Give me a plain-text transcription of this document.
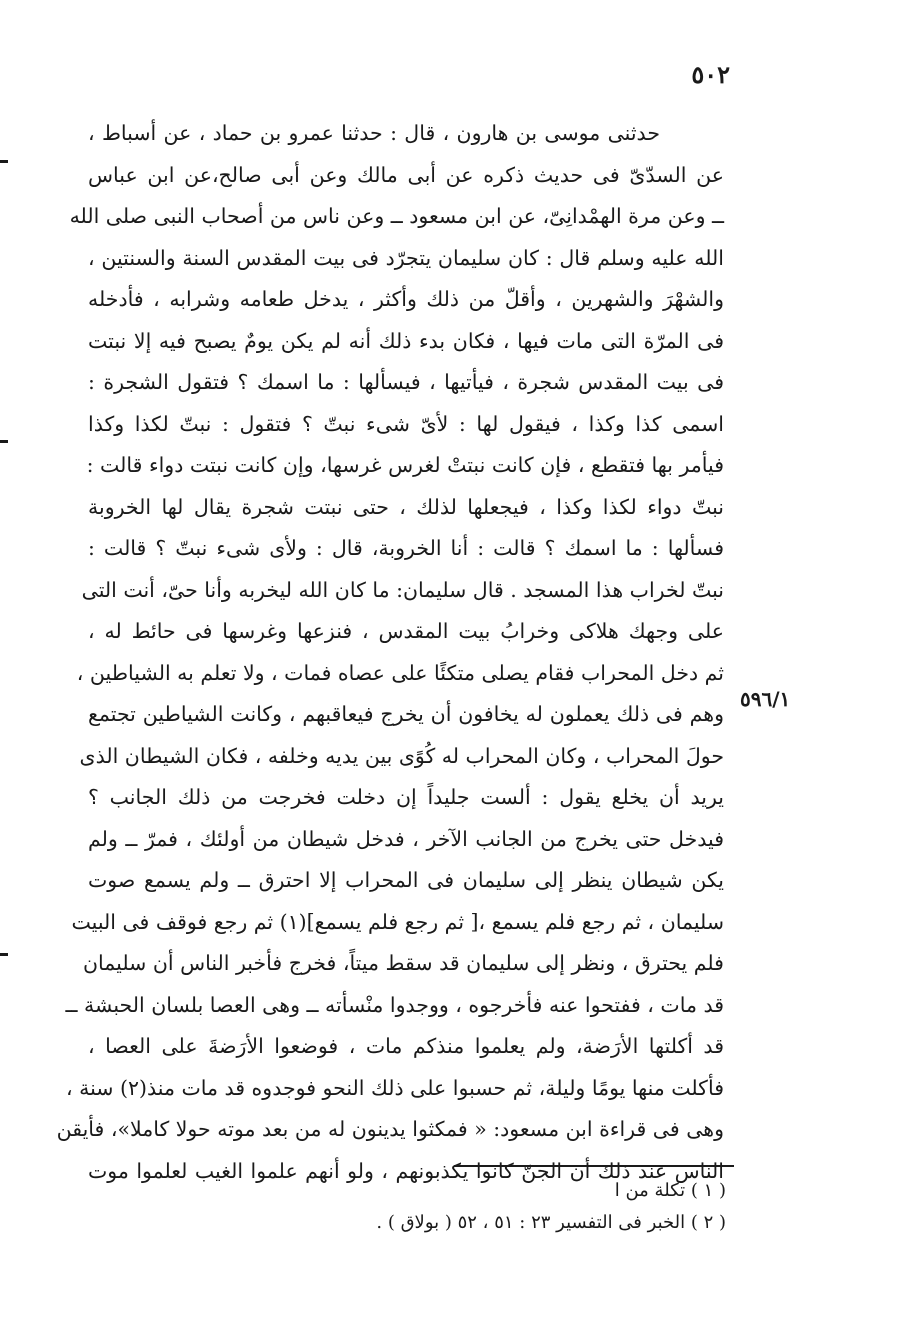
٥٠٢
حدثنى موسى بن هارون ، قال : حدثنا عمرو بن حماد ، عن أسباط ،
عن السدّىّ فى حديث ذكره عن أبى مالك وعن أبى صالح،عن ابن عباس
ــ وعن مرة الهمْدانِىّ، عن ابن مسعود ــ وعن ناس من أصحاب النبى صلى الله
الله عليه وسلم قال : كان سليمان يتجرّد فى بيت المقدس السنة والسنتين ،
والشهْرَ والشهرين ، وأقلّ من ذلك وأكثر ، يدخل طعامه وشرابه ، فأدخله
فى المرّة التى مات فيها ، فكان بدء ذلك أنه لم يكن يومٌ يصبح فيه إلا نبتت
فى بيت المقدس شجرة ، فيأتيها ، فيسألها : ما اسمك ؟ فتقول الشجرة :
اسمى كذا وكذا ، فيقول لها : لأىّ شىء نبتّ ؟ فتقول : نبتّ لكذا وكذا
فيأمر بها فتقطع ، فإن كانت نبتتْ لغرس غرسها، وإن كانت نبتت دواء قالت :
نبتّ دواء لكذا وكذا ، فيجعلها لذلك ، حتى نبتت شجرة يقال لها الخروبة
فسألها : ما اسمك ؟ قالت : أنا الخروبة، قال : ولأى شىء نبتّ ؟ قالت :
نبتّ لخراب هذا المسجد . قال سليمان: ما كان الله ليخربه وأنا حىّ، أنت التى
على وجهك هلاكى وخرابُ بيت المقدس ، فنزعها وغرسها فى حائط له ،
ثم دخل المحراب فقام يصلى متكئًا على عصاه فمات ، ولا تعلم به الشياطين ،
وهم فى ذلك يعملون له يخافون أن يخرج فيعاقبهم ، وكانت الشياطين تجتمع
حولَ المحراب ، وكان المحراب له كُوًى بين يديه وخلفه ، فكان الشيطان الذى
يريد أن يخلع يقول : ألست جليداً إن دخلت فخرجت من ذلك الجانب ؟
فيدخل حتى يخرج من الجانب الآخر ، فدخل شيطان من أولئك ، فمرّ ــ ولم
يكن شيطان ينظر إلى سليمان فى المحراب إلا احترق ــ ولم يسمع صوت
سليمان ، ثم رجع فلم يسمع ،[ ثم رجع فلم يسمع](١) ثم رجع فوقف فى البيت
فلم يحترق ، ونظر إلى سليمان قد سقط ميتاً، فخرج فأخبر الناس أن سليمان
قد مات ، ففتحوا عنه فأخرجوه ، ووجدوا منْسأته ــ وهى العصا بلسان الحبشة ــ
قد أكلتها الأرَضة، ولم يعلموا منذكم مات ، فوضعوا الأرَضةَ على العصا ،
فأكلت منها يومًا وليلة، ثم حسبوا على ذلك النحو فوجدوه قد مات منذ(٢) سنة ،
وهى فى قراءة ابن مسعود: « فمكثوا يدينون له من بعد موته حولا كاملا»، فأيقن
الناس عند ذلك أن الجنّ كانوا يكذبونهم ، ولو أنهم علموا الغيب لعلموا موت
٥٩٦/١
( ١ ) تكلة من ا
( ٢ ) الخبر فى التفسير ٢٣ : ٥١ ، ٥٢ ( بولاق ) .
